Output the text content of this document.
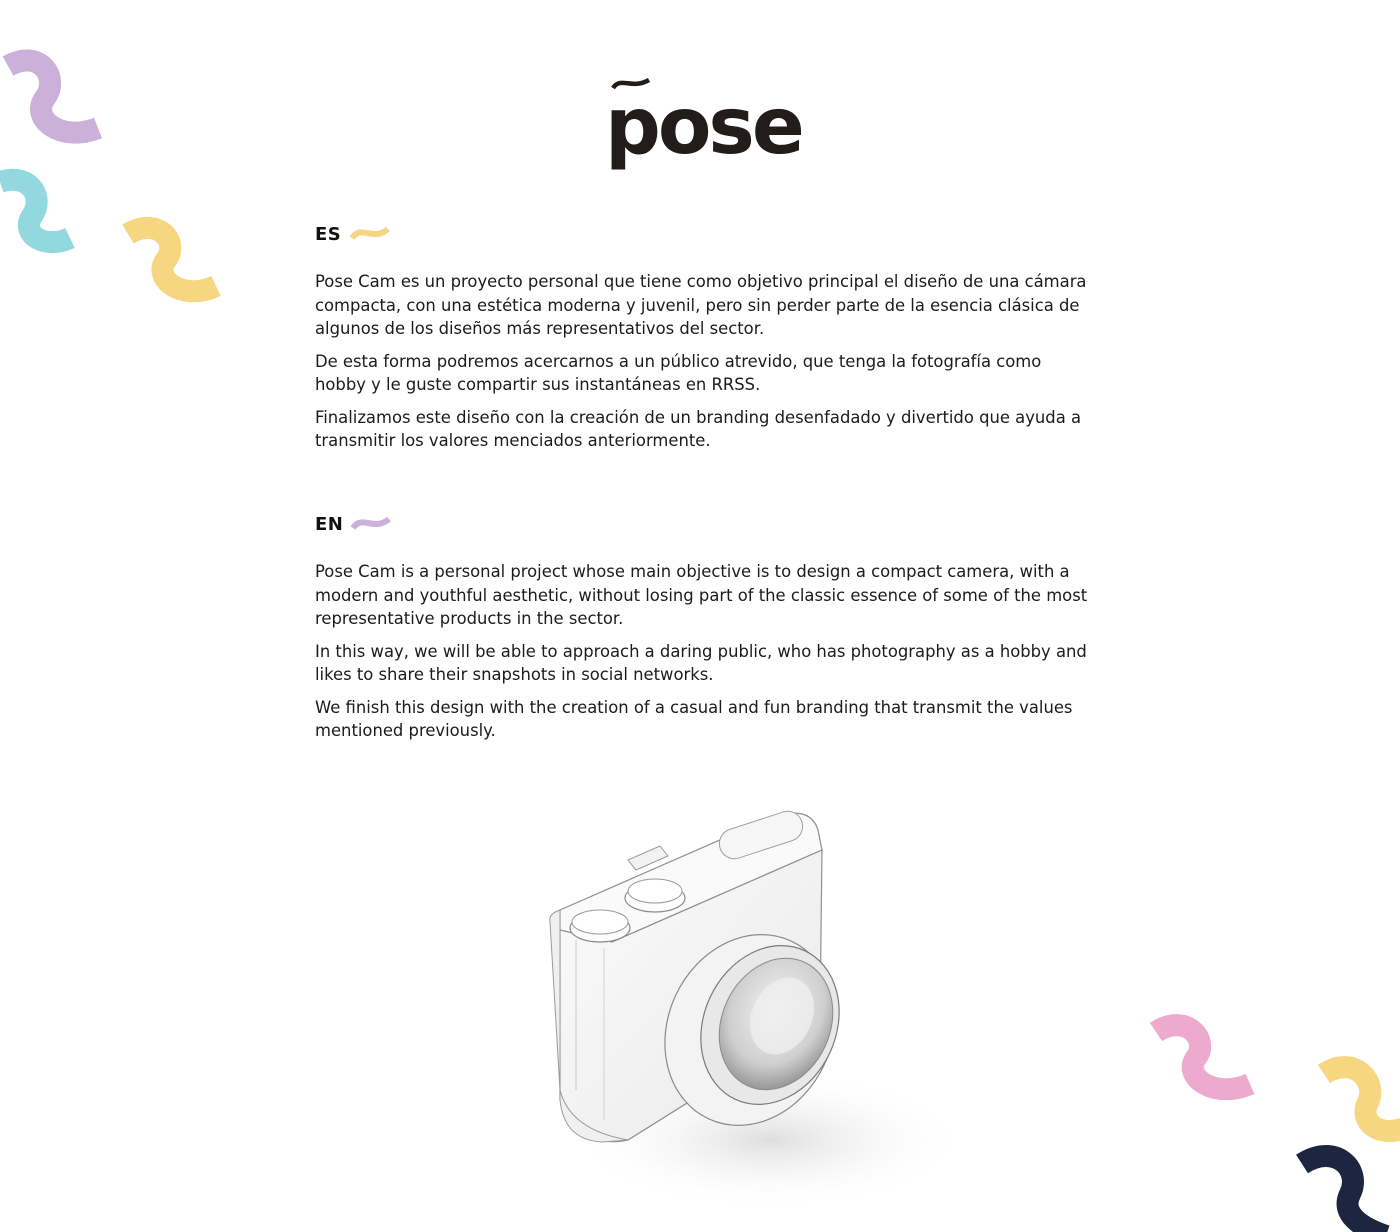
pose
ES

Pose Cam es un proyecto personal que tiene como objetivo principal el diseño de una cámara compacta, con una estética moderna y juvenil, pero sin perder parte de la esencia clásica de algunos de los diseños más representativos del sector.

De esta forma podremos acercarnos a un público atrevido, que tenga la fotografía como hobby y le guste compartir sus instantáneas en RRSS.

Finalizamos este diseño con la creación de un branding desenfadado y divertido que ayuda a transmitir los valores menciados anteriormente.

EN

Pose Cam is a personal project whose main objective is to design a compact camera, with a modern and youthful aesthetic, without losing part of the classic essence of some of the most representative products in the sector.

In this way, we will be able to approach a daring public, who has photography as a hobby and likes to share their snapshots in social networks.

We finish this design with the creation of a casual and fun branding that transmit the values mentioned previously.
